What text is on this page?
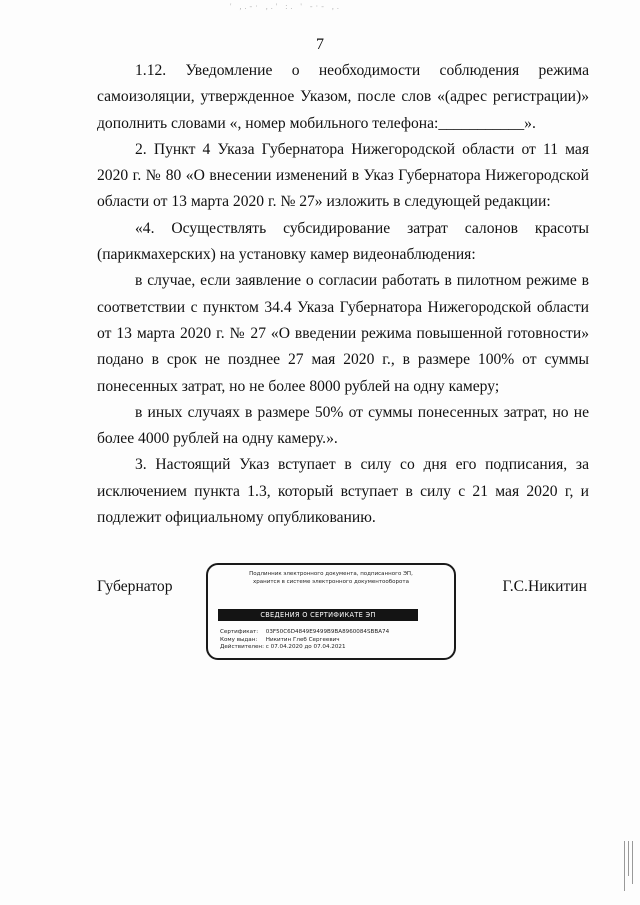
' ,.-· ,.' :. ' -·- ,.
7

1.12. Уведомление о необходимости соблюдения режима самоизоляции, утвержденное Указом, после слов «(адрес регистрации)» дополнить словами «, номер мобильного телефона:___________».

2. Пункт 4 Указа Губернатора Нижегородской области от 11 мая 2020 г. № 80 «О внесении изменений в Указ Губернатора Нижегородской области от 13 марта 2020 г. № 27» изложить в следующей редакции:

«4. Осуществлять субсидирование затрат салонов красоты (парикмахерских) на установку камер видеонаблюдения:

в случае, если заявление о согласии работать в пилотном режиме в соответствии с пунктом 34.4 Указа Губернатора Нижегородской области от 13 марта 2020 г. № 27 «О введении режима повышенной готовности» подано в срок не позднее 27 мая 2020 г., в размере 100% от суммы понесенных затрат, но не более 8000 рублей на одну камеру;

в иных случаях в размере 50% от суммы понесенных затрат, но не более 4000 рублей на одну камеру.».

3. Настоящий Указ вступает в силу со дня его подписания, за исключением пункта 1.3, который вступает в силу с 21 мая 2020 г, и подлежит официальному опубликованию.

Губернатор	Г.С.Никитин
Подлинник электронного документа, подписанного ЭП,
хранится в системе электронного документооборота
СВЕДЕНИЯ О СЕРТИФИКАТЕ ЭП
Сертификат: 03F50C6D4849E9499B9BA8960084SBBA74
Кому выдан: Никитин Глеб Сергеевич
Действителен: с 07.04.2020 до 07.04.2021
